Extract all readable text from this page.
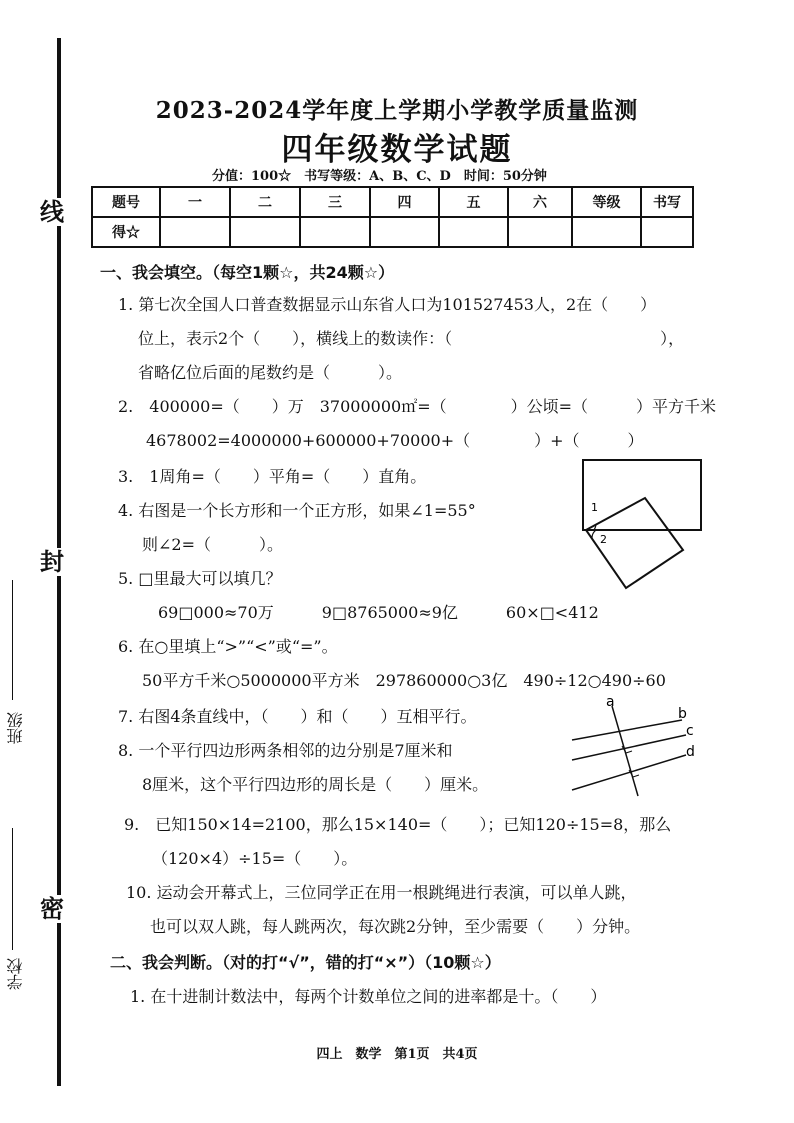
线
封
密
班级
学校
2023-2024学年度上学期小学教学质量监测
四年级数学试题
分值：100☆　书写等级：A、B、C、D　时间：50分钟
题号	一	二	三	四	五	六	等级	书写
得☆								
一、我会填空。（每空1颗☆，共24颗☆）
1. 第七次全国人口普查数据显示山东省人口为101527453人，2在（　　）
位上，表示2个（　　），横线上的数读作：（　　　　　　　　　　　　　），
省略亿位后面的尾数约是（　　　）。
2.　400000=（　　）万　37000000㎡=（　　　　）公顷=（　　　）平方千米
4678002=4000000+600000+70000+（　　　　）+（　　　）
3.　1周角=（　　）平角=（　　）直角。
4. 右图是一个长方形和一个正方形，如果∠1=55°
则∠2=（　　　）。
5. □里最大可以填几？
69□000≈70万　　　9□8765000≈9亿　　　60×□<412
6. 在○里填上“>”“<”或“=”。
50平方千米○5000000平方米　297860000○3亿　490÷12○490÷60
7. 右图4条直线中，（　　）和（　　）互相平行。
8. 一个平行四边形两条相邻的边分别是7厘米和
8厘米，这个平行四边形的周长是（　　）厘米。
9.　已知150×14=2100，那么15×140=（　　）；已知120÷15=8，那么
（120×4）÷15=（　　）。
10. 运动会开幕式上，三位同学正在用一根跳绳进行表演，可以单人跳，
也可以双人跳，每人跳两次，每次跳2分钟，至少需要（　　）分钟。
二、我会判断。（对的打“√”，错的打“×”）（10颗☆）
1. 在十进制计数法中，每两个计数单位之间的进率都是十。（　　）
1
2
a
b
c
d
四上　数学　第1页　共4页
